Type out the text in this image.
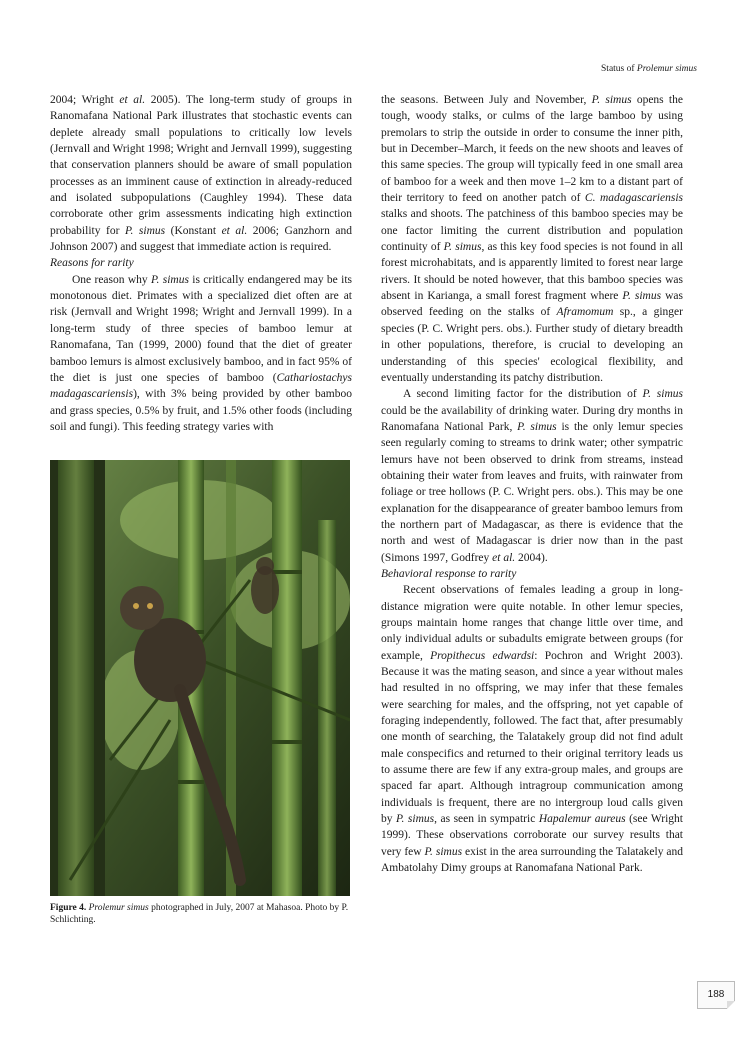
Status of Prolemur simus

2004; Wright et al. 2005). The long-term study of groups in Ranomafana National Park illustrates that stochastic events can deplete already small populations to critically low levels (Jernvall and Wright 1998; Wright and Jernvall 1999), suggesting that conservation planners should be aware of small population processes as an imminent cause of extinction in already-reduced and isolated subpopulations (Caughley 1994). These data corroborate other grim assessments indicating high extinction probability for P. simus (Konstant et al. 2006; Ganzhorn and Johnson 2007) and suggest that immediate action is required.

Reasons for rarity

One reason why P. simus is critically endangered may be its monotonous diet. Primates with a specialized diet often are at risk (Jernvall and Wright 1998; Wright and Jernvall 1999). In a long-term study of three species of bamboo lemur at Ranomafana, Tan (1999, 2000) found that the diet of greater bamboo lemurs is almost exclusively bamboo, and in fact 95% of the diet is just one species of bamboo (Cathariostachys madagascariensis), with 3% being provided by other bamboo and grass species, 0.5% by fruit, and 1.5% other foods (including soil and fungi). This feeding strategy varies with

Figure 4. Prolemur simus photographed in July, 2007 at Mahasoa. Photo by P. Schlichting.

the seasons. Between July and November, P. simus opens the tough, woody stalks, or culms of the large bamboo by using premolars to strip the outside in order to consume the inner pith, but in December–March, it feeds on the new shoots and leaves of this same species. The group will typically feed in one small area of bamboo for a week and then move 1–2 km to a distant part of their territory to feed on another patch of C. madagascariensis stalks and shoots. The patchiness of this bamboo species may be one factor limiting the current distribution and population continuity of P. simus, as this key food species is not found in all forest microhabitats, and is apparently limited to forest near large rivers. It should be noted however, that this bamboo species was absent in Karianga, a small forest fragment where P. simus was observed feeding on the stalks of Aframomum sp., a ginger species (P. C. Wright pers. obs.). Further study of dietary breadth in other populations, therefore, is crucial to developing an understanding of this species' ecological flexibility, and eventually understanding its patchy distribution.

A second limiting factor for the distribution of P. simus could be the availability of drinking water. During dry months in Ranomafana National Park, P. simus is the only lemur species seen regularly coming to streams to drink water; other sympatric lemurs have not been observed to drink from streams, instead obtaining their water from leaves and fruits, with rainwater from foliage or tree hollows (P. C. Wright pers. obs.). This may be one explanation for the disappearance of greater bamboo lemurs from the northern part of Madagascar, as there is evidence that the north and west of Madagascar is drier now than in the past (Simons 1997, Godfrey et al. 2004).

Behavioral response to rarity

Recent observations of females leading a group in long-distance migration were quite notable. In other lemur species, groups maintain home ranges that change little over time, and only individual adults or subadults emigrate between groups (for example, Propithecus edwardsi: Pochron and Wright 2003). Because it was the mating season, and since a year without males had resulted in no offspring, we may infer that these females were searching for males, and the offspring, not yet capable of foraging independently, followed. The fact that, after presumably one month of searching, the Talatakely group did not find adult male conspecifics and returned to their original territory leads us to assume there are few if any extra-group males, and groups are spaced far apart. Although intragroup communication among individuals is frequent, there are no intergroup loud calls given by P. simus, as seen in sympatric Hapalemur aureus (see Wright 1999). These observations corroborate our survey results that very few P. simus exist in the area surrounding the Talatakely and Ambatolahy Dimy groups at Ranomafana National Park.

188
